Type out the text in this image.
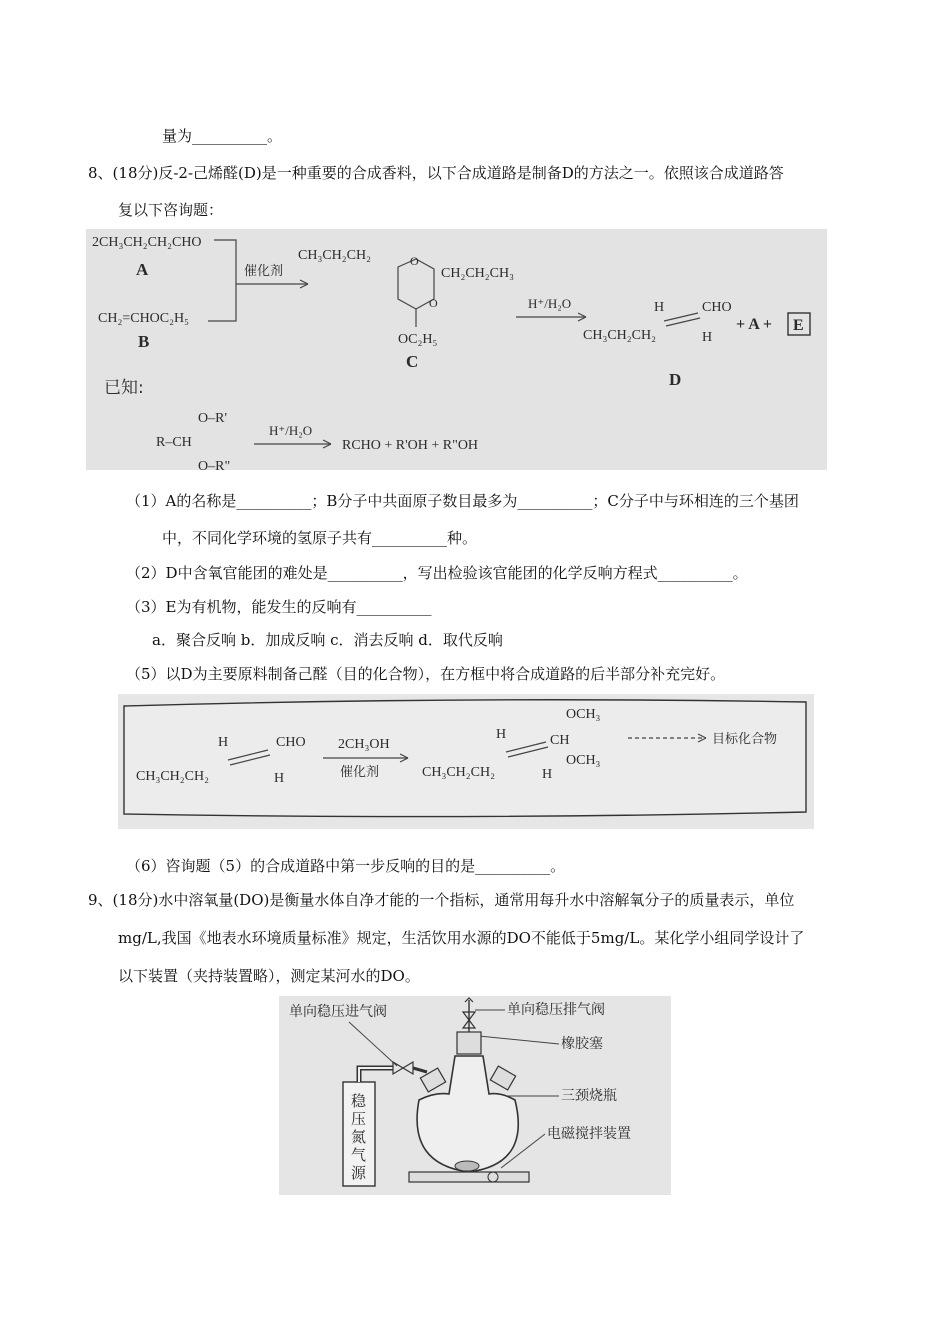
量为__________。
8、(18分)反-2-己烯醛(D)是一种重要的合成香料，以下合成道路是制备D的方法之一。依照该合成道路答
复以下咨询题：
2CH₃CH₂CH₂CHO
A
CH₂=CHOC₂H₅
B
催化剂
CH₃CH₂CH₂
CH₂CH₂CH₃
O
O
OC₂H₅
C
H⁺/H₂O	H	CHO
CH₃CH₂CH₂	H
D
+ A + E
已知:
O–R'
R–CH
O–R"
H⁺/H₂O
RCHO + R'OH + R"OH
（1）A的名称是__________；B分子中共面原子数目最多为__________；C分子中与环相连的三个基团
中，不同化学环境的氢原子共有__________种。
（2）D中含氧官能团的难处是__________，写出检验该官能团的化学反响方程式__________。
（3）E为有机物，能发生的反响有__________
a．聚合反响 b．加成反响 c．消去反响 d．取代反响
（5）以D为主要原料制备己醛（目的化合物），在方框中将合成道路的后半部分补充完好。
H	CHO
CH₃CH₂CH₂	H
2CH₃OH
催化剂
H
OCH₃
CH
OCH₃
CH₃CH₂CH₂	H
目标化合物
（6）咨询题（5）的合成道路中第一步反响的目的是__________。
9、(18分)水中溶氧量(DO)是衡量水体自净才能的一个指标，通常用每升水中溶解氧分子的质量表示，单位
mg/L,我国《地表水环境质量标准》规定，生活饮用水源的DO不能低于5mg/L。某化学小组同学设计了
以下装置（夹持装置略），测定某河水的DO。
单向稳压进气阀	单向稳压排气阀
橡胶塞
三颈烧瓶
电磁搅拌装置
稳
压
氮
气
源
